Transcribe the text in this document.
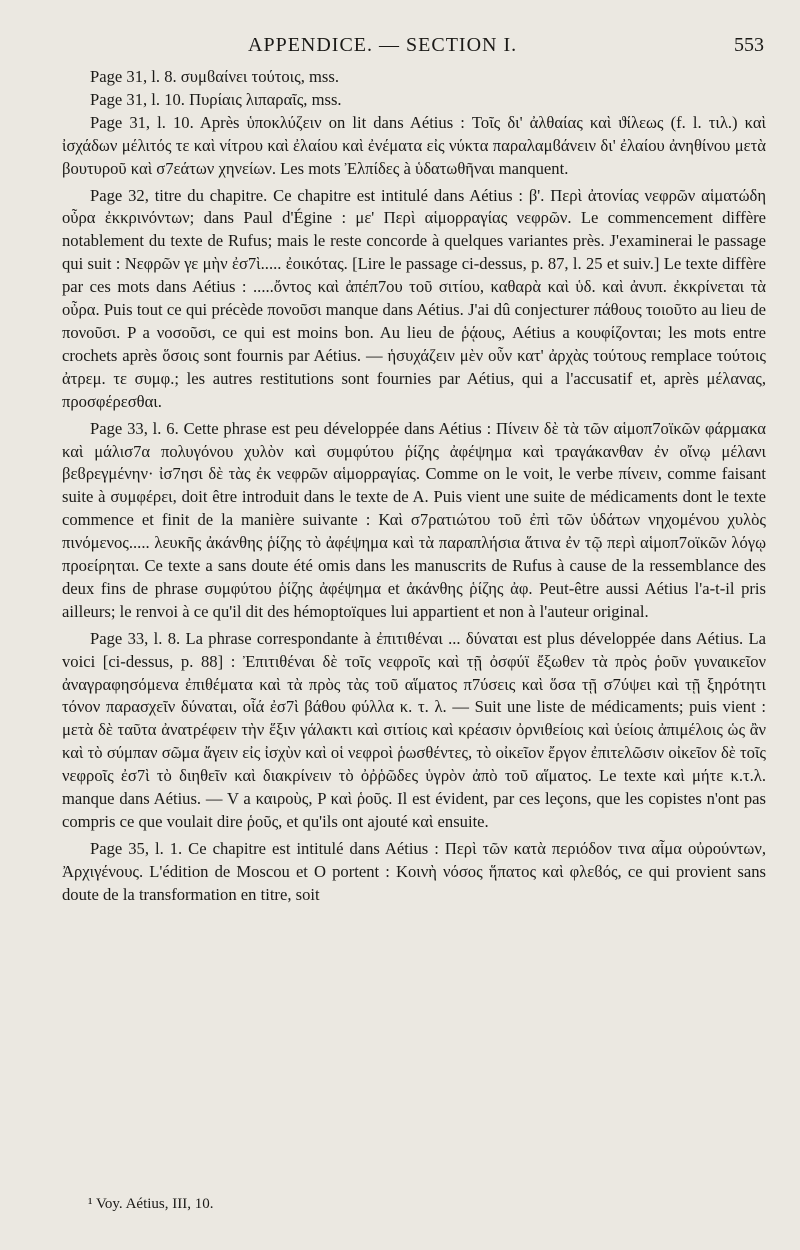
APPENDICE. — SECTION I.	553

Page 31, l. 8. συμϐαίνει τούτοις, mss.

Page 31, l. 10. Πυρίαις λιπαραῖς, mss.

Page 31, l. 10. Après ὑποκλύζειν on lit dans Aétius : Τοῖς δι' ἀλθαίας καὶ ϑίλεως (f. l. τιλ.) καὶ ἰσχάδων μέλιτός τε καὶ νίτρου καὶ ἐλαίου καὶ ἐνέματα εἰς νύκτα παραλαμϐάνειν δι' ἐλαίου ἀνηθίνου μετὰ βουτυροῦ καὶ σ7εάτων χηνείων. Les mots Ἐλπίδες à ὑδατωθῆναι manquent.

Page 32, titre du chapitre. Ce chapitre est intitulé dans Aétius : β'. Περὶ ἀτονίας νεφρῶν αἱματώδη οὖρα ἐκκρινόντων; dans Paul d'Égine : με' Περὶ αἱμορραγίας νεφρῶν. Le commencement diffère notablement du texte de Rufus; mais le reste concorde à quelques variantes près. J'examinerai le passage qui suit : Νεφρῶν γε μὴν ἐσ7ὶ..... ἐοικότας. [Lire le passage ci-dessus, p. 87, l. 25 et suiv.] Le texte diffère par ces mots dans Aétius : .....ὄντος καὶ ἀπέπ7ου τοῦ σιτίου, καθαρὰ καὶ ὑδ. καὶ ἀνυπ. ἐκκρίνεται τὰ οὖρα. Puis tout ce qui précède πονοῦσι manque dans Aétius. J'ai dû conjecturer πάθους τοιοῦτο au lieu de πονοῦσι. P a νοσοῦσι, ce qui est moins bon. Au lieu de ῥᾴους, Aétius a κουφίζονται; les mots entre crochets après ὅσοις sont fournis par Aétius. — ἡσυχάζειν μὲν οὖν κατ' ἀρχὰς τούτους remplace τούτοις ἀτρεμ. τε συμφ.; les autres restitutions sont fournies par Aétius, qui a l'accusatif et, après μέλανας, προσφέρεσθαι.

Page 33, l. 6. Cette phrase est peu développée dans Aétius : Πίνειν δὲ τὰ τῶν αἱμοπ7οϊκῶν φάρμακα καὶ μάλισ7α πολυγόνου χυλὸν καὶ συμφύτου ῥίζης ἀφέψημα καὶ τραγάκανθαν ἐν οἴνῳ μέλανι βεϐρεγμένην· ἰσ7ησι δὲ τὰς ἐκ νεφρῶν αἱμορραγίας. Comme on le voit, le verbe πίνειν, comme faisant suite à συμφέρει, doit être introduit dans le texte de A. Puis vient une suite de médicaments dont le texte commence et finit de la manière suivante : Καὶ σ7ρατιώτου τοῦ ἐπὶ τῶν ὑδάτων νηχομένου χυλὸς πινόμενος..... λευκῆς ἀκάνθης ῥίζης τὸ ἀφέψημα καὶ τὰ παραπλήσια ἅτινα ἐν τῷ περὶ αἱμοπ7οϊκῶν λόγῳ προείρηται. Ce texte a sans doute été omis dans les manuscrits de Rufus à cause de la ressemblance des deux fins de phrase συμφύτου ῥίζης ἀφέψημα et ἀκάνθης ῥίζης ἀφ. Peut-être aussi Aétius l'a-t-il pris ailleurs; le renvoi à ce qu'il dit des hémoptoïques lui appartient et non à l'auteur original.

Page 33, l. 8. La phrase correspondante à ἐπιτιθέναι ... δύναται est plus développée dans Aétius. La voici [ci-dessus, p. 88] : Ἐπιτιθέναι δὲ τοῖς νεφροῖς καὶ τῇ ὀσφύϊ ἔξωθεν τὰ πρὸς ῥοῦν γυναικεῖον ἀναγραφησόμενα ἐπιθέματα καὶ τὰ πρὸς τὰς τοῦ αἵματος π7ύσεις καὶ ὅσα τῇ σ7ύψει καὶ τῇ ξηρότητι τόνον παρασχεῖν δύναται, οἷά ἐσ7ὶ βάθου φύλλα κ. τ. λ. — Suit une liste de médicaments; puis vient : μετὰ δὲ ταῦτα ἀνατρέφειν τὴν ἕξιν γάλακτι καὶ σιτίοις καὶ κρέασιν ὀρνιθείοις καὶ ὑείοις ἀπιμέλοις ὡς ἂν καὶ τὸ σύμπαν σῶμα ἄγειν εἰς ἰσχὺν καὶ οἱ νεφροὶ ῥωσθέντες, τὸ οἰκεῖον ἔργον ἐπιτελῶσιν οἰκεῖον δὲ τοῖς νεφροῖς ἐσ7ὶ τὸ διηθεῖν καὶ διακρίνειν τὸ ὀῤῥῶδες ὑγρὸν ἀπὸ τοῦ αἵματος. Le texte καὶ μήτε κ.τ.λ. manque dans Aétius. — V a καιροὺς, P καὶ ῥοῦς. Il est évident, par ces leçons, que les copistes n'ont pas compris ce que voulait dire ῥοῦς, et qu'ils ont ajouté καὶ ensuite.

Page 35, l. 1. Ce chapitre est intitulé dans Aétius : Περὶ τῶν κατὰ περιόδον τινα αἷμα οὐρούντων, Ἀρχιγένους. L'édition de Moscou et O portent : Κοινὴ νόσος ἥπατος καὶ φλεϐός, ce qui provient sans doute de la transformation en titre, soit

¹ Voy. Aétius, III, 10.
